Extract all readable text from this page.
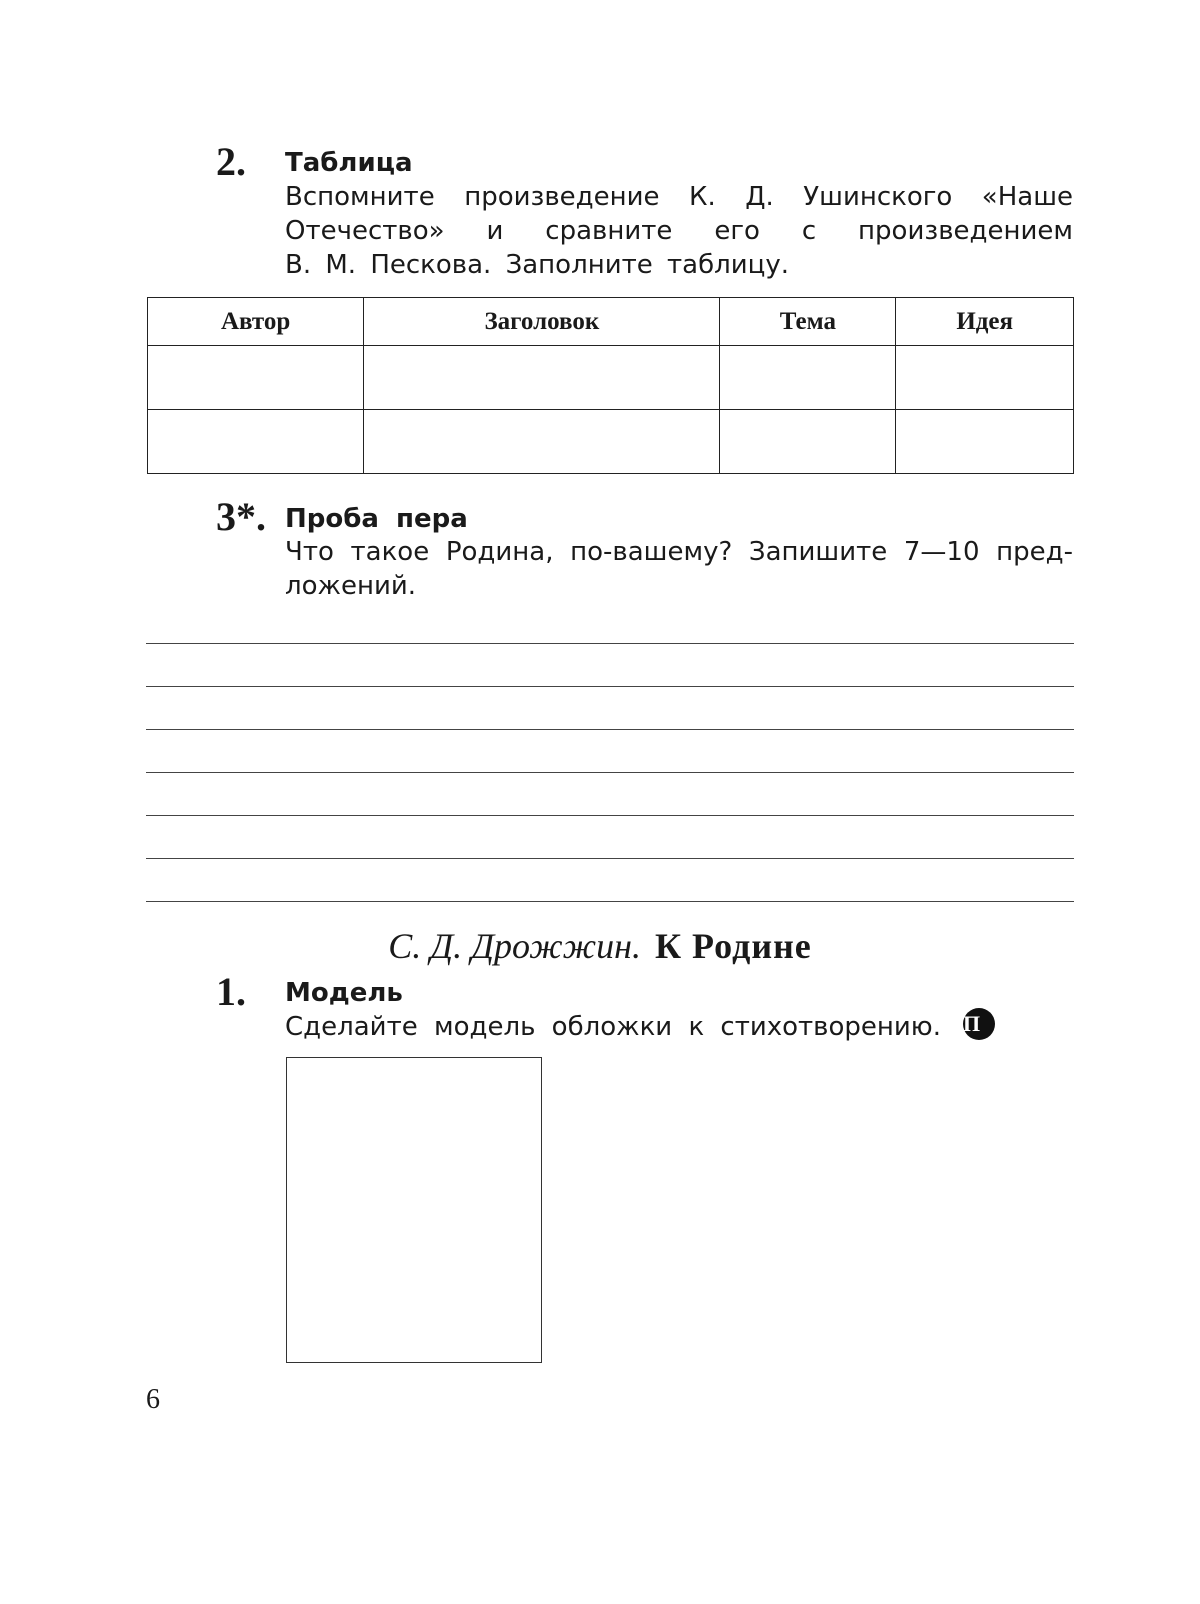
2. Таблица
Вспомните произведение К. Д. Ушинского «Наше
Отечество» и сравните его с произведением
В. М. Пескова. Заполните таблицу.
Автор	Заголовок	Тема	Идея

3*. Проба пера
Что такое Родина, по-вашему? Запишите 7—10 пред-
ложений.
С. Д. Дрожжин. К Родине
1. Модель
Сделайте модель обложки к стихотворению. П
6
